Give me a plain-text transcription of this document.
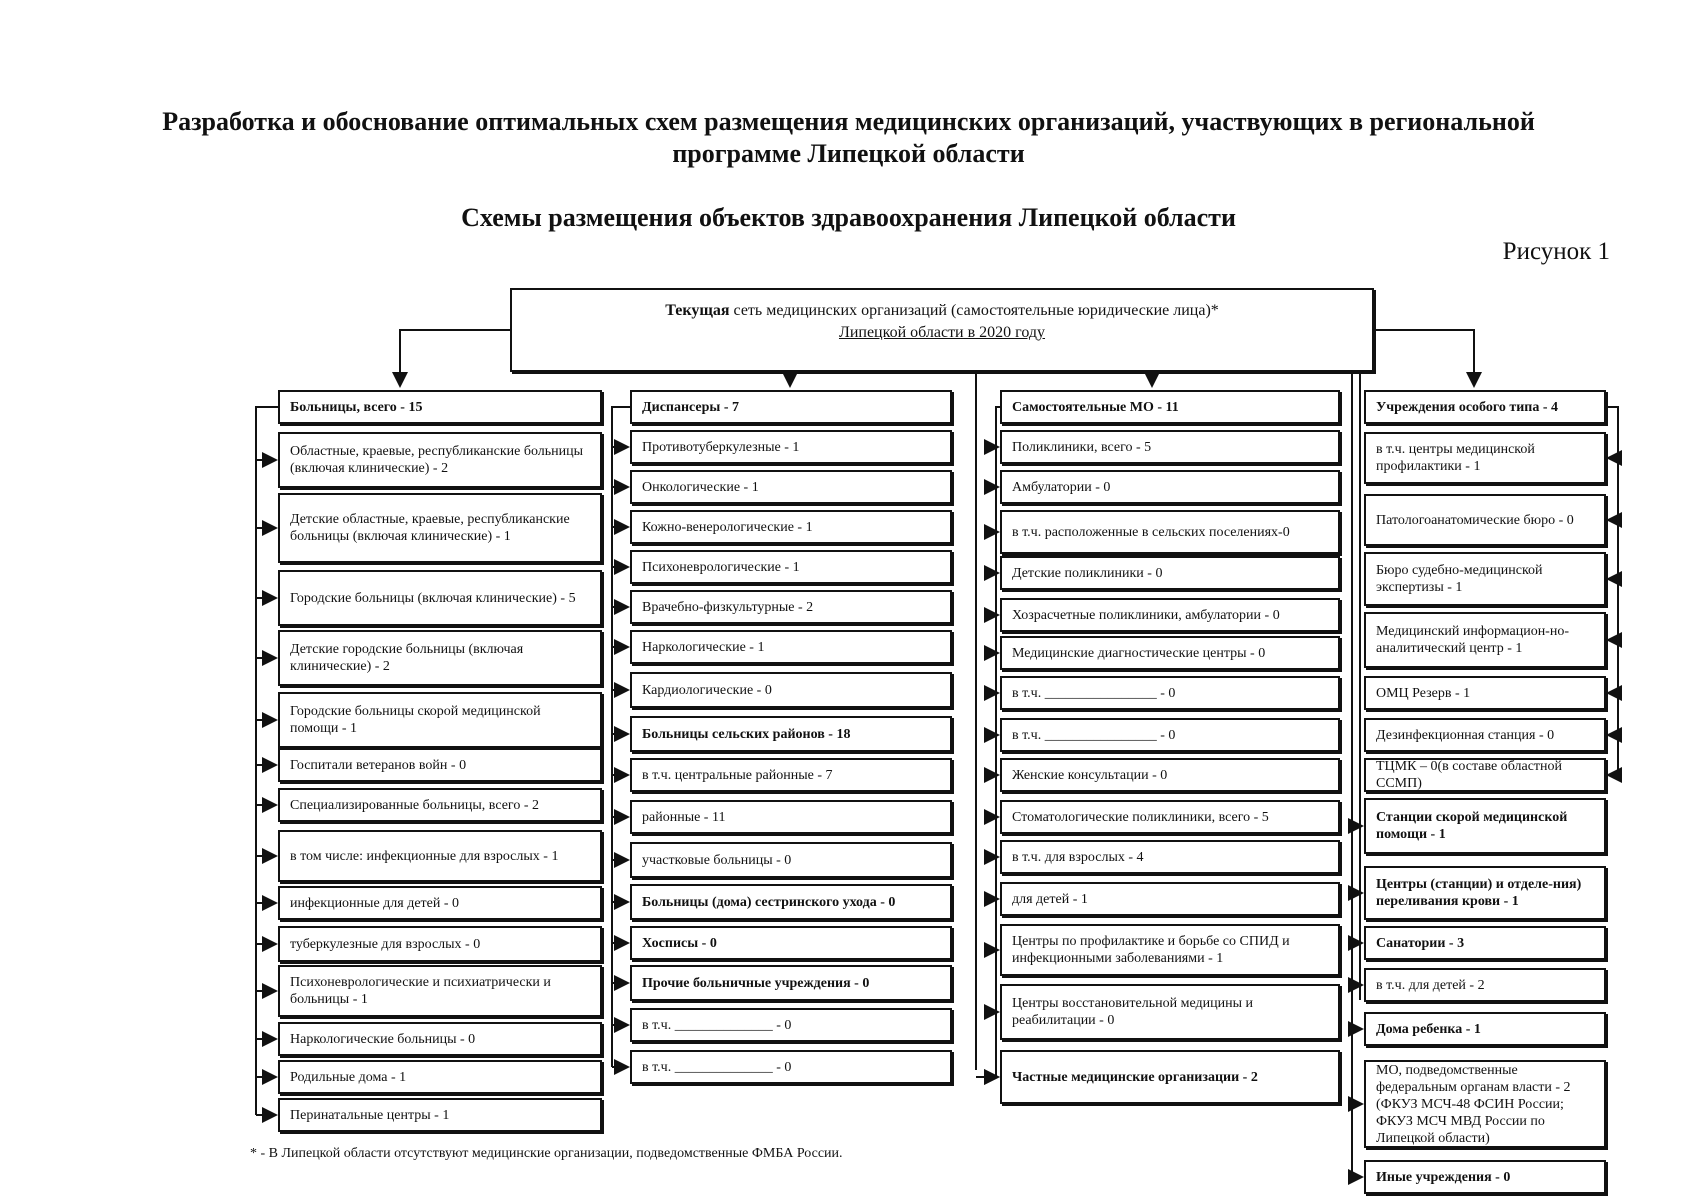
Разработка и обоснование оптимальных схем размещения медицинских организаций, участвующих в региональной
программе Липецкой области
Схемы размещения объектов здравоохранения Липецкой области
Рисунок 1
Текущая сеть медицинских организаций (самостоятельные юридические лица)*
Липецкой области в 2020 году
Больницы, всего - 15
Областные, краевые, республиканские больницы (включая клинические) - 2
Детские областные, краевые, республиканские больницы (включая клинические) - 1
Городские больницы (включая клинические) - 5
Детские городские больницы (включая клинические) - 2
Городские больницы скорой медицинской помощи - 1
Госпитали ветеранов войн - 0
Специализированные больницы, всего - 2
в том числе: инфекционные для взрослых - 1
инфекционные для детей - 0
туберкулезные для взрослых - 0
Психоневрологические и психиатрически и больницы - 1
Наркологические больницы - 0
Родильные дома - 1
Перинатальные центры - 1
Диспансеры - 7
Противотуберкулезные - 1
Онкологические - 1
Кожно-венерологические - 1
Психоневрологические - 1
Врачебно-физкультурные - 2
Наркологические - 1
Кардиологические - 0
Больницы сельских районов - 18
в т.ч. центральные районные - 7
районные - 11
участковые больницы - 0
Больницы (дома) сестринского ухода - 0
Хосписы - 0
Прочие больничные учреждения - 0
в т.ч. ______________ - 0
в т.ч. ______________ - 0
Самостоятельные МО - 11
Поликлиники, всего - 5
Амбулатории - 0
в т.ч. расположенные в сельских поселениях-0
Детские поликлиники - 0
Хозрасчетные поликлиники, амбулатории - 0
Медицинские диагностические центры - 0
в т.ч. ________________ - 0
в т.ч. ________________ - 0
Женские консультации - 0
Стоматологические поликлиники, всего - 5
в т.ч. для взрослых - 4
для детей - 1
Центры по профилактике и борьбе со СПИД и инфекционными заболеваниями - 1
Центры восстановительной медицины и реабилитации - 0
Частные медицинские организации - 2
Учреждения особого типа - 4
в т.ч. центры медицинской профилактики - 1
Патологоанатомические бюро - 0
Бюро судебно-медицинской экспертизы - 1
Медицинский информацион-но-аналитический центр - 1
ОМЦ Резерв - 1
Дезинфекционная станция - 0
ТЦМК – 0(в составе областной ССМП)
Станции скорой медицинской помощи - 1
Центры (станции) и отделе-ния) переливания крови - 1
Санатории - 3
в т.ч. для детей - 2
Дома ребенка - 1
МО, подведомственные федеральным органам власти - 2 (ФКУЗ МСЧ-48 ФСИН России; ФКУЗ МСЧ МВД России по Липецкой области)
Иные учреждения - 0
* - В Липецкой области отсутствуют медицинские организации, подведомственные ФМБА России.
